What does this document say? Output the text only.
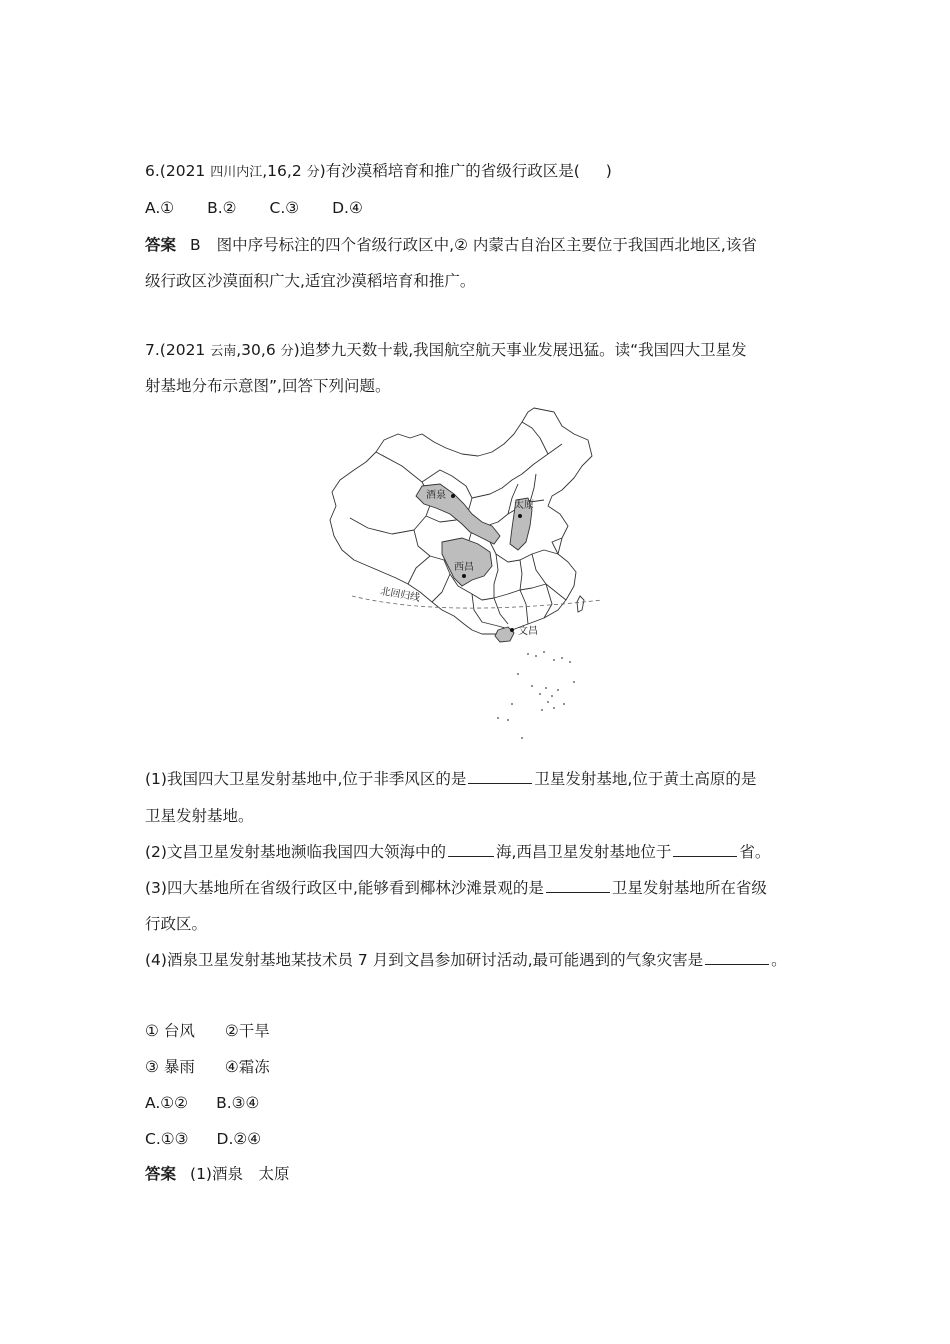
6.(2021 四川内江,16,2 分)有沙漠稻培育和推广的省级行政区是( )
A.① B.② C.③ D.④
答案 B 图中序号标注的四个省级行政区中,② 内蒙古自治区主要位于我国西北地区,该省
级行政区沙漠面积广大,适宜沙漠稻培育和推广。
7.(2021 云南,30,6 分)追梦九天数十载,我国航空航天事业发展迅猛。读“我国四大卫星发
射基地分布示意图”,回答下列问题。
酒泉
太原
西昌
文昌
北回归线
(1)我国四大卫星发射基地中,位于非季风区的是	卫星发射基地,位于黄土高原的是
卫星发射基地。
(2)文昌卫星发射基地濒临我国四大领海中的	海,西昌卫星发射基地位于	省。
(3)四大基地所在省级行政区中,能够看到椰林沙滩景观的是	卫星发射基地所在省级
行政区。
(4)酒泉卫星发射基地某技术员 7 月到文昌参加研讨活动,最可能遇到的气象灾害是	。
① 台风 ②干旱
③ 暴雨 ④霜冻
A.①② B.③④
C.①③ D.②④
答案 (1)酒泉　太原
